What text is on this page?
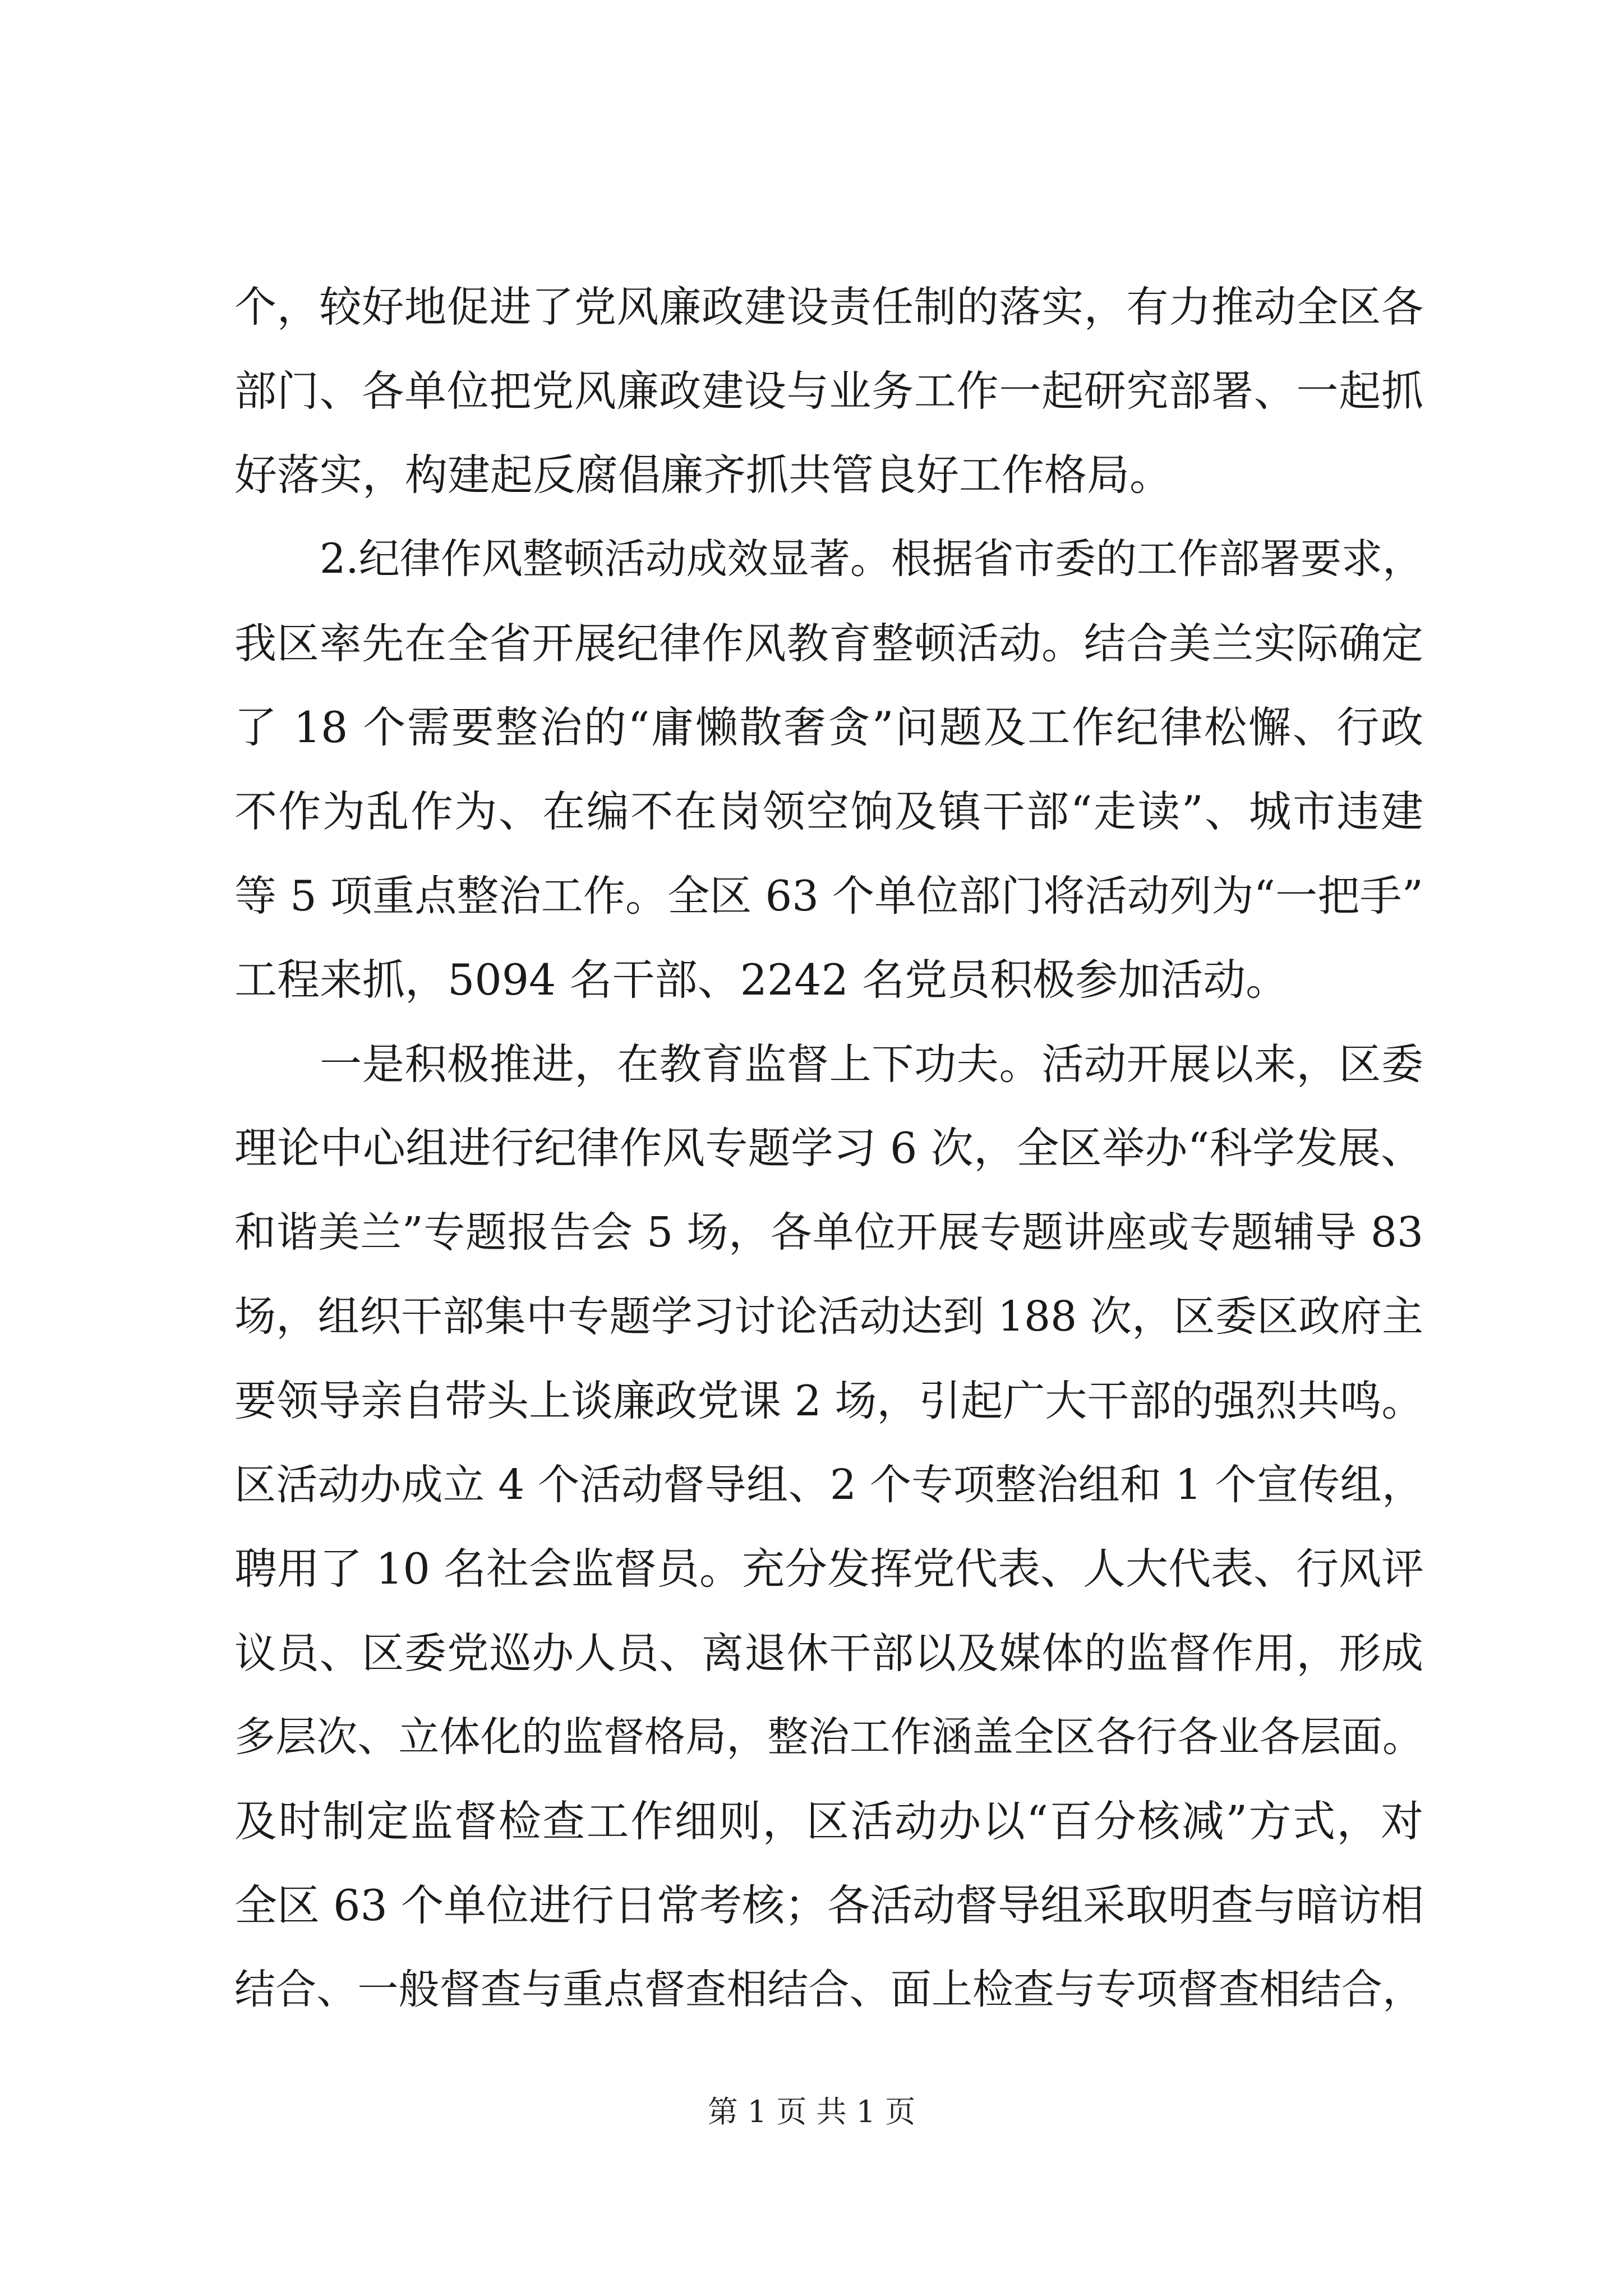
个，较好地促进了党风廉政建设责任制的落实，有力推动全区各
部门、各单位把党风廉政建设与业务工作一起研究部署、一起抓
好落实，构建起反腐倡廉齐抓共管良好工作格局。
2.纪律作风整顿活动成效显著。根据省市委的工作部署要求，
我区率先在全省开展纪律作风教育整顿活动。结合美兰实际确定
了 18 个需要整治的“庸懒散奢贪”问题及工作纪律松懈、行政
不作为乱作为、在编不在岗领空饷及镇干部“走读”、城市违建
等 5 项重点整治工作。全区 63 个单位部门将活动列为“一把手”
工程来抓，5094 名干部、2242 名党员积极参加活动。
一是积极推进，在教育监督上下功夫。活动开展以来，区委
理论中心组进行纪律作风专题学习 6 次，全区举办“科学发展、
和谐美兰”专题报告会 5 场，各单位开展专题讲座或专题辅导 83
场，组织干部集中专题学习讨论活动达到 188 次，区委区政府主
要领导亲自带头上谈廉政党课 2 场，引起广大干部的强烈共鸣。
区活动办成立 4 个活动督导组、2 个专项整治组和 1 个宣传组，
聘用了 10 名社会监督员。充分发挥党代表、人大代表、行风评
议员、区委党巡办人员、离退休干部以及媒体的监督作用，形成
多层次、立体化的监督格局，整治工作涵盖全区各行各业各层面。
及时制定监督检查工作细则，区活动办以“百分核减”方式，对
全区 63 个单位进行日常考核；各活动督导组采取明查与暗访相
结合、一般督查与重点督查相结合、面上检查与专项督查相结合，
第 1 页 共 1 页
